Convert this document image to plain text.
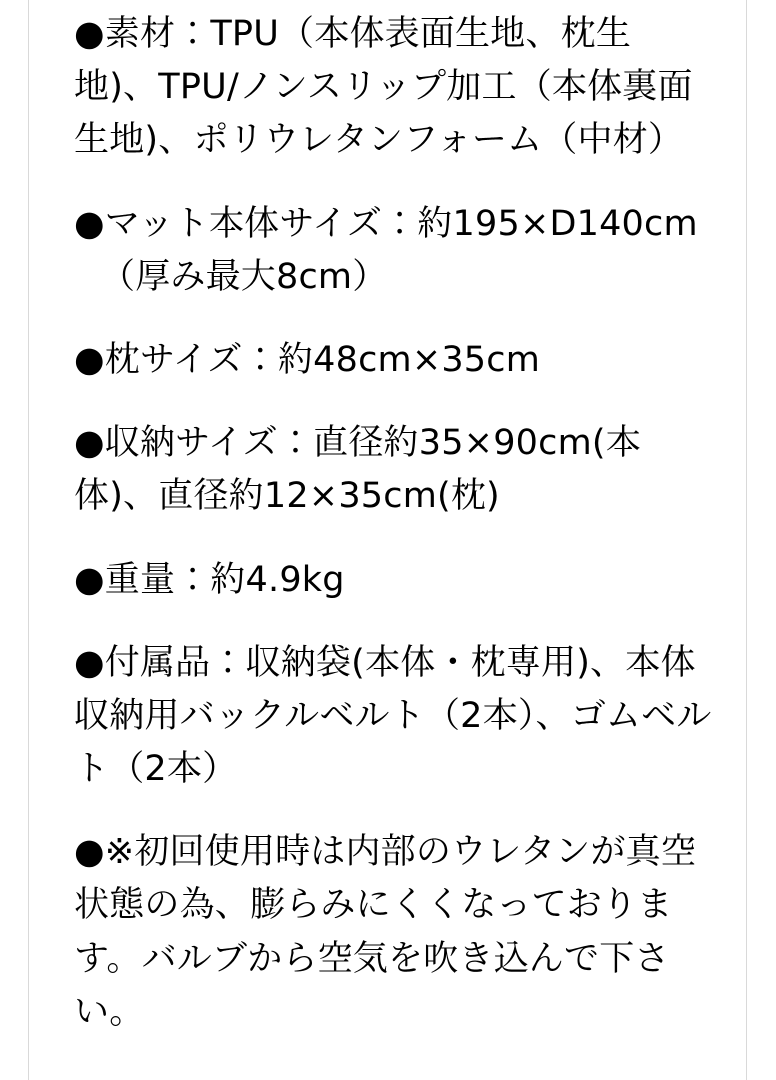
●素材：TPU（本体表面生地、枕生地)、TPU/ノンスリップ加工（本体裏面生地)、ポリウレタンフォーム（中材）

●マット本体サイズ：約195×D140cm
（厚み最大8cm）

●枕サイズ：約48cm×35cm

●収納サイズ：直径約35×90cm(本体)、直径約12×35cm(枕)

●重量：約4.9kg

●付属品：収納袋(本体・枕専用)、本体収納用バックルベルト（2本）、ゴムベルト（2本）

●※初回使用時は内部のウレタンが真空状態の為、膨らみにくくなっております。バルブから空気を吹き込んで下さい。
